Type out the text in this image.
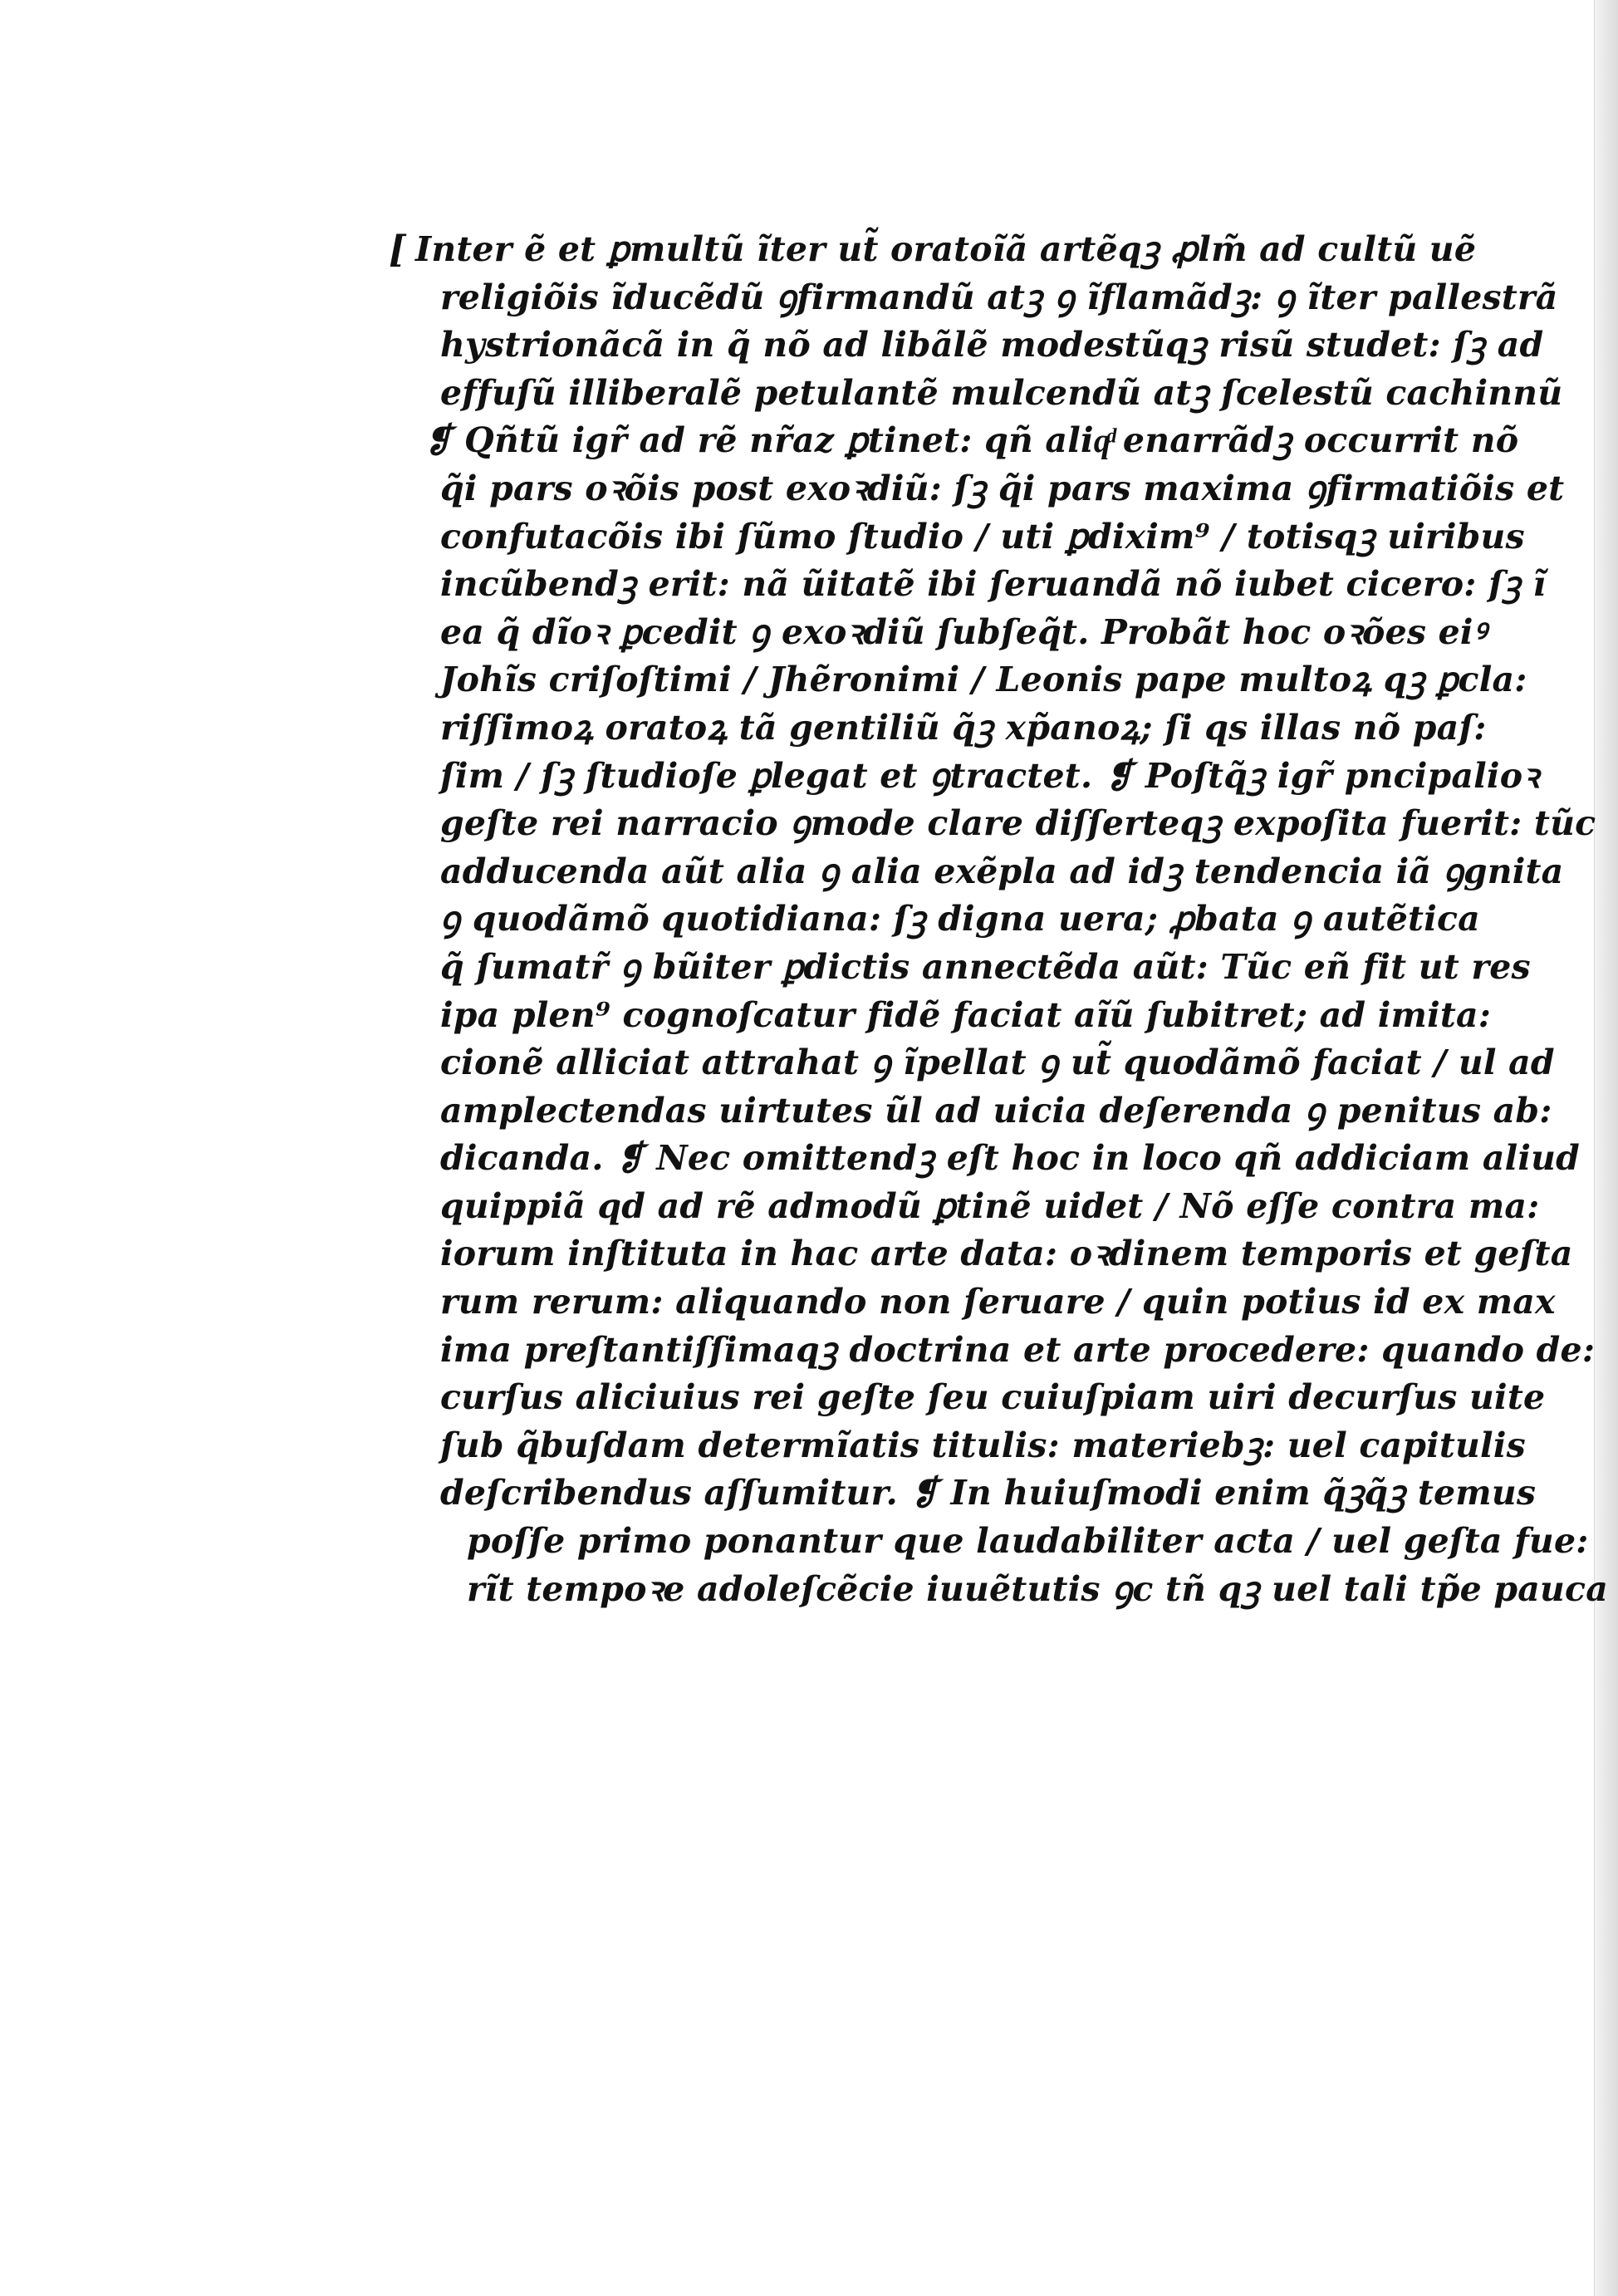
[ Inter ẽ et ꝑmultũ ĩter ut̃ oratoĩã artẽqꝫ ꝓlm̃ ad cultũ uẽ
religiõis ĩducẽdũ ꝯfirmandũ atꝫ ꝯ ĩflamãdꝫ: ꝯ ĩter pallestrã
hystrionãcã in q̃ nõ ad libãlẽ modestũqꝫ risũ studet: ſꝫ ad
effuſũ illiberalẽ petulantẽ mulcendũ atꝫ ſcelestũ cachinnũ
❡ Qñtũ igr̃ ad rẽ nr̃az ꝑtinet: qñ aliqͩ enarrãdꝫ occurrit nõ
q̃i pars oꝛõis post exoꝛdiũ: ſꝫ q̃i pars maxima ꝯfirmatiõis et
confutacõis ibi ſũmo ſtudio / uti ꝑdixim⁹ / totisqꝫ uiribus
incũbendꝫ erit: nã ũitatẽ ibi ſeruandã nõ iubet cicero: ſꝫ ĩ
ea q̃ dĩoꝛ ꝑcedit ꝯ exoꝛdiũ ſubſeq̃t. Probãt hoc oꝛões eiꝰ
Johĩs criſoſtimi / Jhẽronimi / Leonis pape multoꝝ qꝫ ꝑcla:
riſſimoꝝ oratoꝝ tã gentiliũ q̃ꝫ xp̃anoꝝ; ſi qs illas nõ paſ:
ſim / ſꝫ ſtudioſe ꝑlegat et ꝯtractet. ❡ Poſtq̃ꝫ igr̃ pncipalioꝛ
geſte rei narracio ꝯmode clare diſſerteqꝫ expoſita fuerit: tũc
adducenda aũt alia ꝯ alia exẽpla ad idꝫ tendencia iã ꝯgnita
ꝯ quodãmõ quotidiana: ſꝫ digna uera; ꝓbata ꝯ autẽtica
q̃ ſumatr̃ ꝯ bũiter ꝑdictis annectẽda aũt: Tũc eñ fit ut res
ipa plen⁹ cognoſcatur fidẽ faciat aĩũ ſubitret; ad imita:
cionẽ alliciat attrahat ꝯ ĩpellat ꝯ ut̃ quodãmõ faciat / ul ad
amplectendas uirtutes ũl ad uicia deſerenda ꝯ penitus ab:
dicanda. ❡ Nec omittendꝫ eſt hoc in loco qñ addiciam aliud
quippiã qd ad rẽ admodũ ꝑtinẽ uidet / Nõ eſſe contra ma:
iorum inſtituta in hac arte data: oꝛdinem temporis et geſta
rum rerum: aliquando non ſeruare / quin potius id ex max
ima preſtantiſſimaqꝫ doctrina et arte procedere: quando de:
curſus aliciuius rei geſte ſeu cuiuſpiam uiri decurſus uite
ſub q̃buſdam determĩatis titulis: materiebꝫ: uel capitulis
deſcribendus aſſumitur. ❡ In huiuſmodi enim q̃ꝫq̃ꝫ temus
poſſe primo ponantur que laudabiliter acta / uel geſta fue:
rĩt tempoꝛe adoleſcẽcie iuuẽtutis ꝯc tñ qꝫ uel tali tp̃e pauca
